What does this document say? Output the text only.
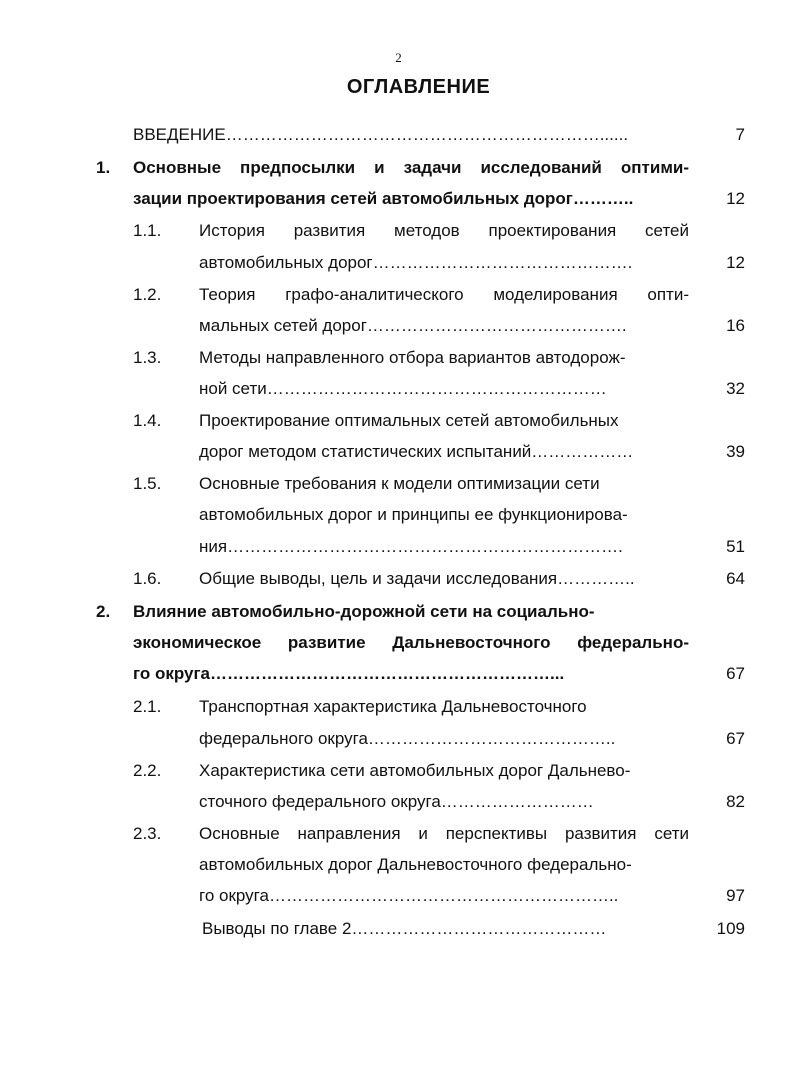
2
ОГЛАВЛЕНИЕ
ВВЕДЕНИЕ…………………………………………………………......	7
1. Основные предпосылки и задачи исследований оптими-
зации проектирования сетей автомобильных дорог………..	12
1.1. История развития методов проектирования сетей
автомобильных дорог……………………………………….	12
1.2. Теория графо-аналитического моделирования опти-
мальных сетей дорог……………………………………….	16
1.3. Методы направленного отбора вариантов автодорож-
ной сети……………………………………………………	32
1.4. Проектирование оптимальных сетей автомобильных
дорог методом статистических испытаний………………	39
1.5. Основные требования к модели оптимизации сети
автомобильных дорог и принципы ее функционирова-
ния…………………………………………………………….	51
1.6. Общие выводы, цель и задачи исследования…………..	64
2. Влияние автомобильно-дорожной сети на социально-
экономическое развитие Дальневосточного федерально-
го округа……………………………………………………...	67
2.1. Транспортная характеристика Дальневосточного
федерального округа……………………………………..	67
2.2. Характеристика сети автомобильных дорог Дальнево-
сточного федерального округа………………………	82
2.3. Основные направления и перспективы развития сети
автомобильных дорог Дальневосточного федерально-
го округа……………………………………………………..	97
Выводы по главе 2………………………………………	109
